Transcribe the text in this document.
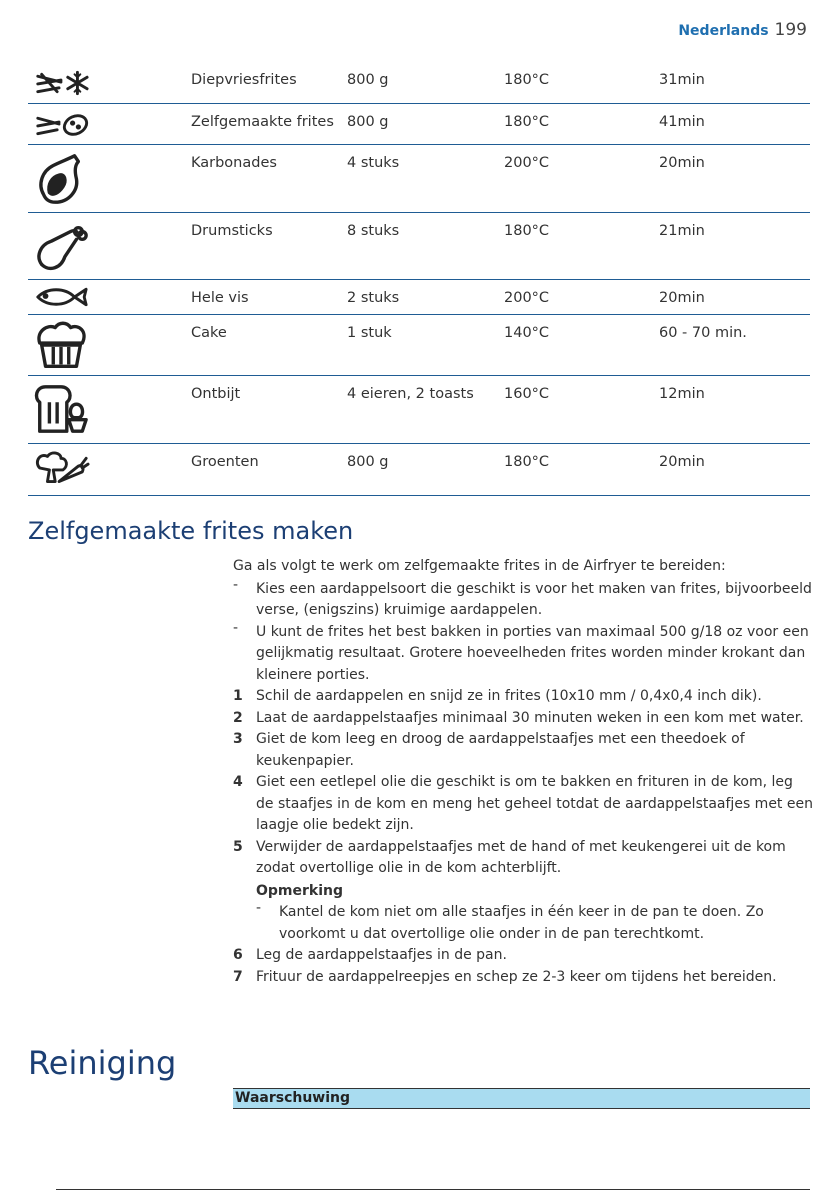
Nederlands 199
Diepvriesfrites	800 g	180°C	31min
Zelfgemaakte frites 800 g	180°C	41min
Karbonades	4 stuks	200°C	20min
Drumsticks	8 stuks	180°C	21min
Hele vis	2 stuks	200°C	20min
Cake	1 stuk	140°C	60 - 70 min.
Ontbijt	4 eieren, 2 toasts 160°C	12min
Groenten	800 g	180°C	20min
Zelfgemaakte frites maken

Ga als volgt te werk om zelfgemaakte frites in de Airfryer te bereiden:

- Kies een aardappelsoort die geschikt is voor het maken van frites, bijvoorbeeld verse, (enigszins) kruimige aardappelen.
- U kunt de frites het best bakken in porties van maximaal 500 g/18 oz voor een gelijkmatig resultaat. Grotere hoeveelheden frites worden minder krokant dan kleinere porties.
1 Schil de aardappelen en snijd ze in frites (10x10 mm / 0,4x0,4 inch dik).
2 Laat de aardappelstaafjes minimaal 30 minuten weken in een kom met water.
3 Giet de kom leeg en droog de aardappelstaafjes met een theedoek of keukenpapier.
4 Giet een eetlepel olie die geschikt is om te bakken en frituren in de kom, leg de staafjes in de kom en meng het geheel totdat de aardappelstaafjes met een laagje olie bedekt zijn.
5 Verwijder de aardappelstaafjes met de hand of met keukengerei uit de kom zodat overtollige olie in de kom achterblijft.
Opmerking
- Kantel de kom niet om alle staafjes in één keer in de pan te doen. Zo voorkomt u dat overtollige olie onder in de pan terechtkomt.
6 Leg de aardappelstaafjes in de pan.
7 Frituur de aardappelreepjes en schep ze 2-3 keer om tijdens het bereiden.
Reiniging
Waarschuwing
